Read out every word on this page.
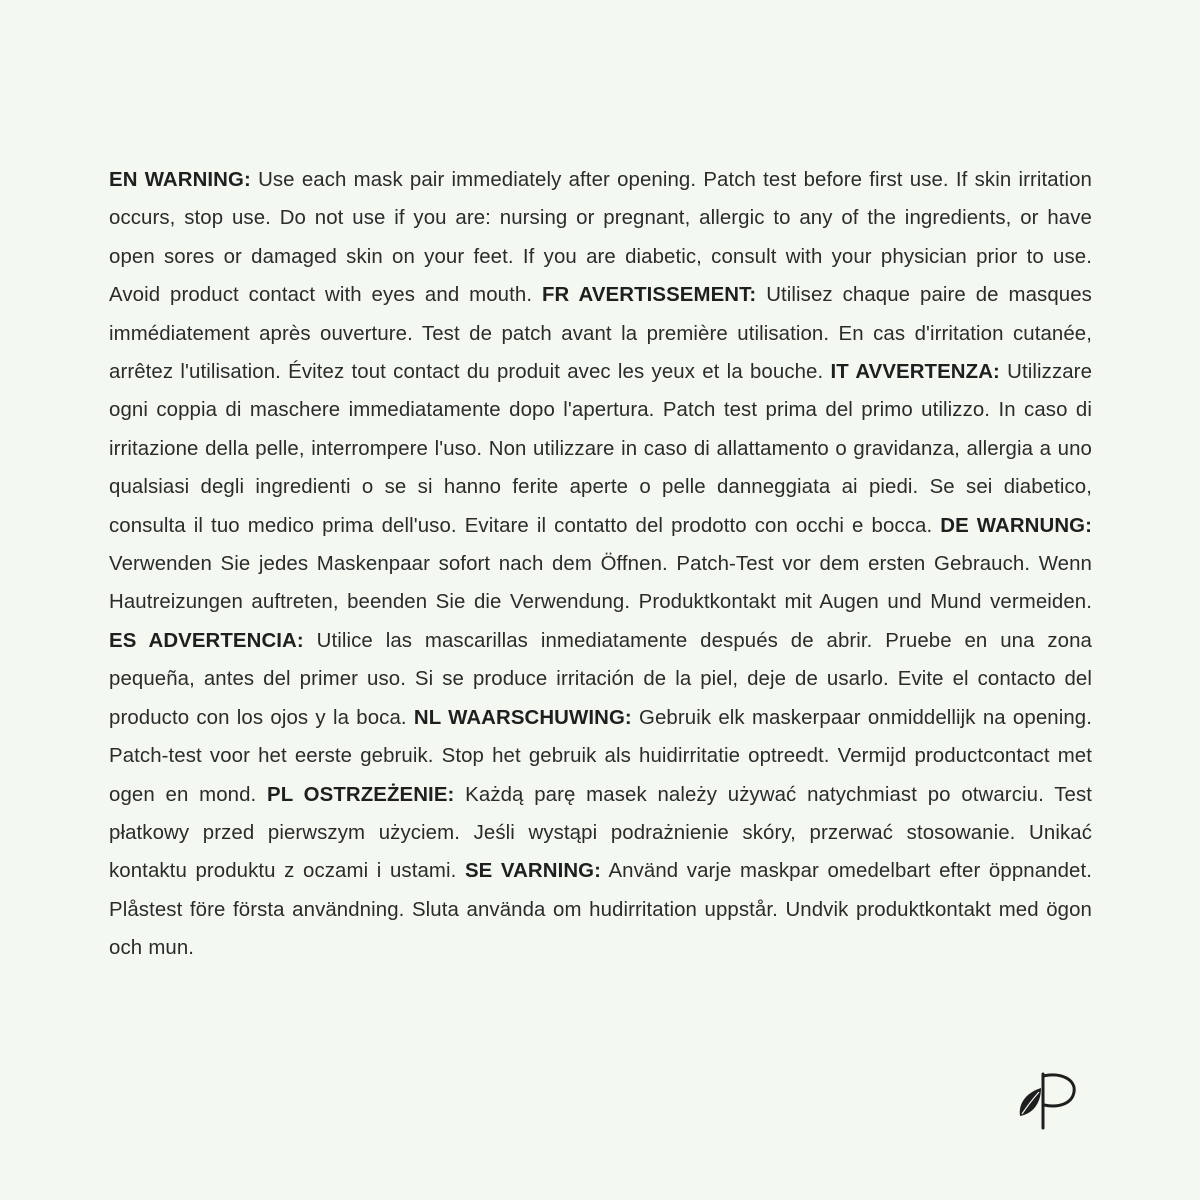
EN WARNING: Use each mask pair immediately after opening. Patch test before first use. If skin irritation occurs, stop use. Do not use if you are: nursing or pregnant, allergic to any of the ingredients, or have open sores or damaged skin on your feet. If you are diabetic, consult with your physician prior to use. Avoid product contact with eyes and mouth. FR AVERTISSEMENT: Utilisez chaque paire de masques immédiatement après ouverture. Test de patch avant la première utilisation. En cas d'irritation cutanée, arrêtez l'utilisation. Évitez tout contact du produit avec les yeux et la bouche. IT AVVERTENZA: Utilizzare ogni coppia di maschere immediatamente dopo l'apertura. Patch test prima del primo utilizzo. In caso di irritazione della pelle, interrompere l'uso. Non utilizzare in caso di allattamento o gravidanza, allergia a uno qualsiasi degli ingredienti o se si hanno ferite aperte o pelle danneggiata ai piedi. Se sei diabetico, consulta il tuo medico prima dell'uso. Evitare il contatto del prodotto con occhi e bocca. DE WARNUNG: Verwenden Sie jedes Maskenpaar sofort nach dem Öffnen. Patch-Test vor dem ersten Gebrauch. Wenn Hautreizungen auftreten, beenden Sie die Verwendung. Produktkontakt mit Augen und Mund vermeiden. ES ADVERTENCIA: Utilice las mascarillas inmediatamente después de abrir. Pruebe en una zona pequeña, antes del primer uso. Si se produce irritación de la piel, deje de usarlo. Evite el contacto del producto con los ojos y la boca. NL WAARSCHUWING: Gebruik elk maskerpaar onmiddellijk na opening. Patch-test voor het eerste gebruik. Stop het gebruik als huidirritatie optreedt. Vermijd productcontact met ogen en mond. PL OSTRZEŻENIE: Każdą parę masek należy używać natychmiast po otwarciu. Test płatkowy przed pierwszym użyciem. Jeśli wystąpi podrażnienie skóry, przerwać stosowanie. Unikać kontaktu produktu z oczami i ustami. SE VARNING: Använd varje maskpar omedelbart efter öppnandet. Plåstest före första användning. Sluta använda om hudirritation uppstår. Undvik produktkontakt med ögon och mun.
